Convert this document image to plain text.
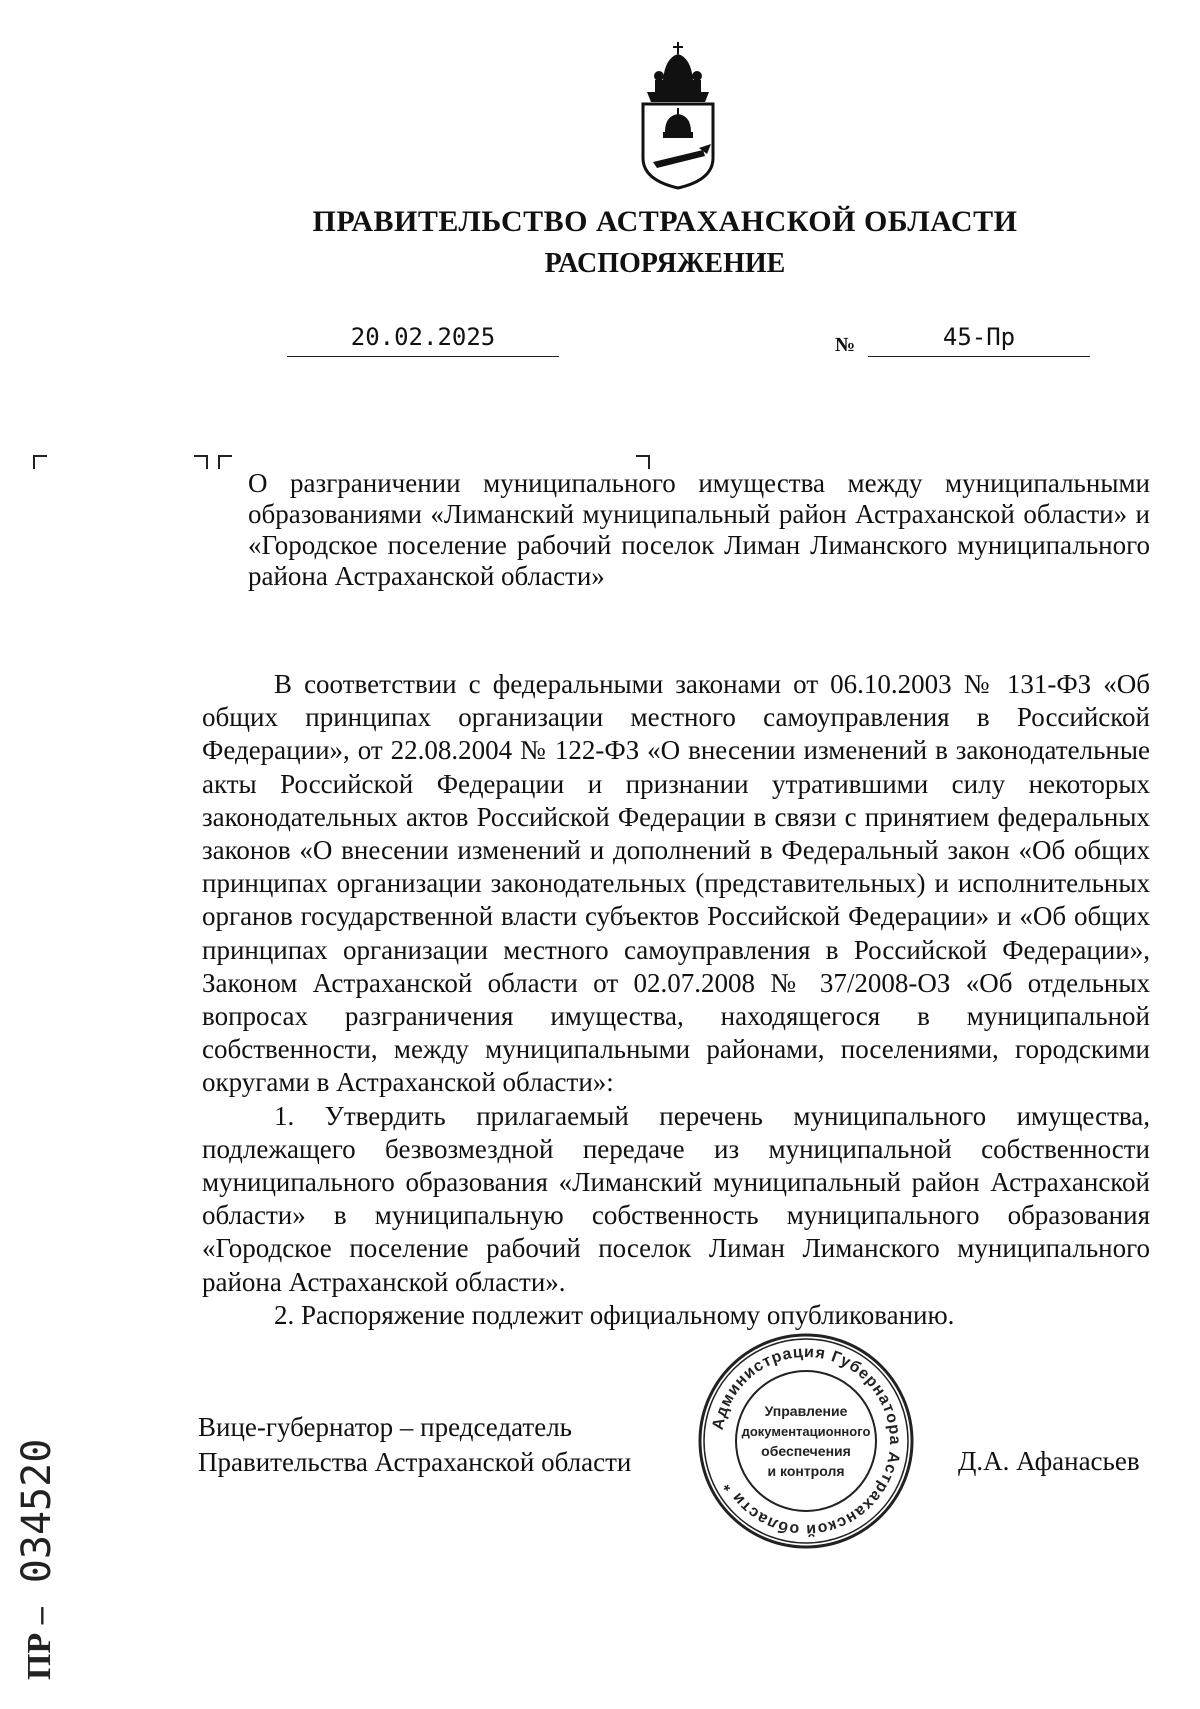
ПРАВИТЕЛЬСТВО АСТРАХАНСКОЙ ОБЛАСТИ
РАСПОРЯЖЕНИЕ
20.02.2025	№	45-Пр
О разграничении муниципального имущества между муниципальными образованиями «Лиманский муниципальный район Астраханской области» и «Городское поселение рабочий поселок Лиман Лиманского муниципального района Астраханской области»

В соответствии с федеральными законами от 06.10.2003 № 131-ФЗ «Об общих принципах организации местного самоуправления в Российской Федерации», от 22.08.2004 № 122-ФЗ «О внесении изменений в законодательные акты Российской Федерации и признании утратившими силу некоторых законодательных актов Российской Федерации в связи с принятием федеральных законов «О внесении изменений и дополнений в Федеральный закон «Об общих принципах организации законодательных (представительных) и исполнительных органов государственной власти субъектов Российской Федерации» и «Об общих принципах организации местного самоуправления в Российской Федерации», Законом Астраханской области от 02.07.2008 № 37/2008-ОЗ «Об отдельных вопросах разграничения имущества, находящегося в муниципальной собственности, между муниципальными районами, поселениями, городскими округами в Астраханской области»:

1. Утвердить прилагаемый перечень муниципального имущества, подлежащего безвозмездной передаче из муниципальной собственности муниципального образования «Лиманский муниципальный район Астраханской области» в муниципальную собственность муниципального образования «Городское поселение рабочий поселок Лиман Лиманского муниципального района Астраханской области».

2. Распоряжение подлежит официальному опубликованию.

Вице-губернатор – председатель
Правительства Астраханской области
Администрация Губернатора Астраханской области *
Управление
документационного
обеспечения
и контроля	Д.А. Афанасьев
ПР – 034520
